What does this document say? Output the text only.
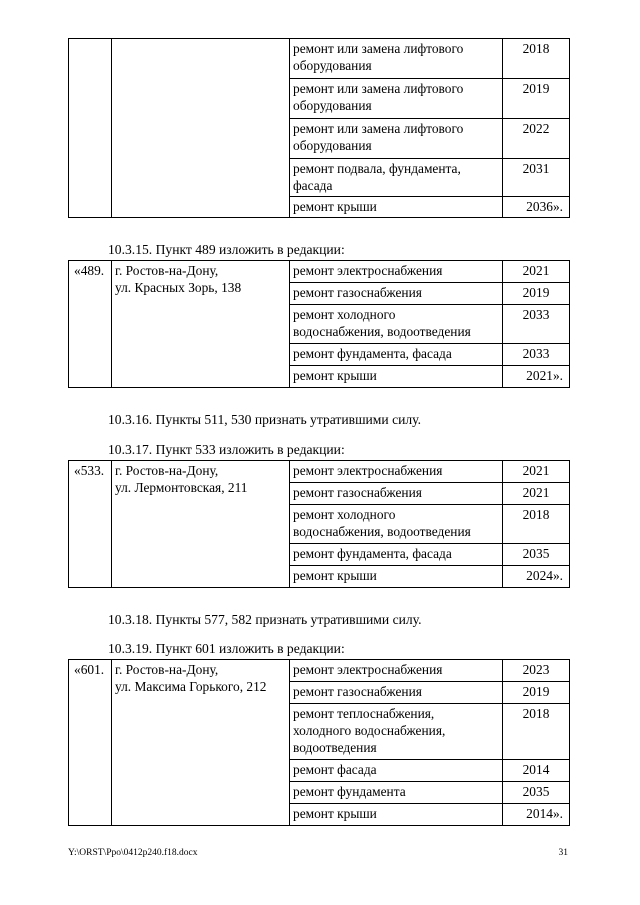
		ремонт или замена лифтового
оборудования	2018

		ремонт или замена лифтового
оборудования	2019

		ремонт или замена лифтового
оборудования	2022

		ремонт подвала, фундамента,
фасада	2031

		ремонт крыши	2036».
10.3.15. Пункт 489 изложить в редакции:
«489.	г. Ростов-на-Дону,
ул. Красных Зорь, 138	ремонт электроснабжения	2021

		ремонт газоснабжения	2019

		ремонт холодного
водоснабжения, водоотведения	2033

		ремонт фундамента, фасада	2033

		ремонт крыши	2021».
10.3.16. Пункты 511, 530 признать утратившими силу.
10.3.17. Пункт 533 изложить в редакции:
«533.	г. Ростов-на-Дону,
ул. Лермонтовская, 211	ремонт электроснабжения	2021

		ремонт газоснабжения	2021

		ремонт холодного
водоснабжения, водоотведения	2018

		ремонт фундамента, фасада	2035

		ремонт крыши	2024».
10.3.18. Пункты 577, 582 признать утратившими силу.
10.3.19. Пункт 601 изложить в редакции:
«601.	г. Ростов-на-Дону,
ул. Максима Горького, 212	ремонт электроснабжения	2023

		ремонт газоснабжения	2019

		ремонт теплоснабжения,
холодного водоснабжения,
водоотведения	2018

		ремонт фасада	2014

		ремонт фундамента	2035

		ремонт крыши	2014».
Y:\ORST\Ppo\0412p240.f18.docx	31
